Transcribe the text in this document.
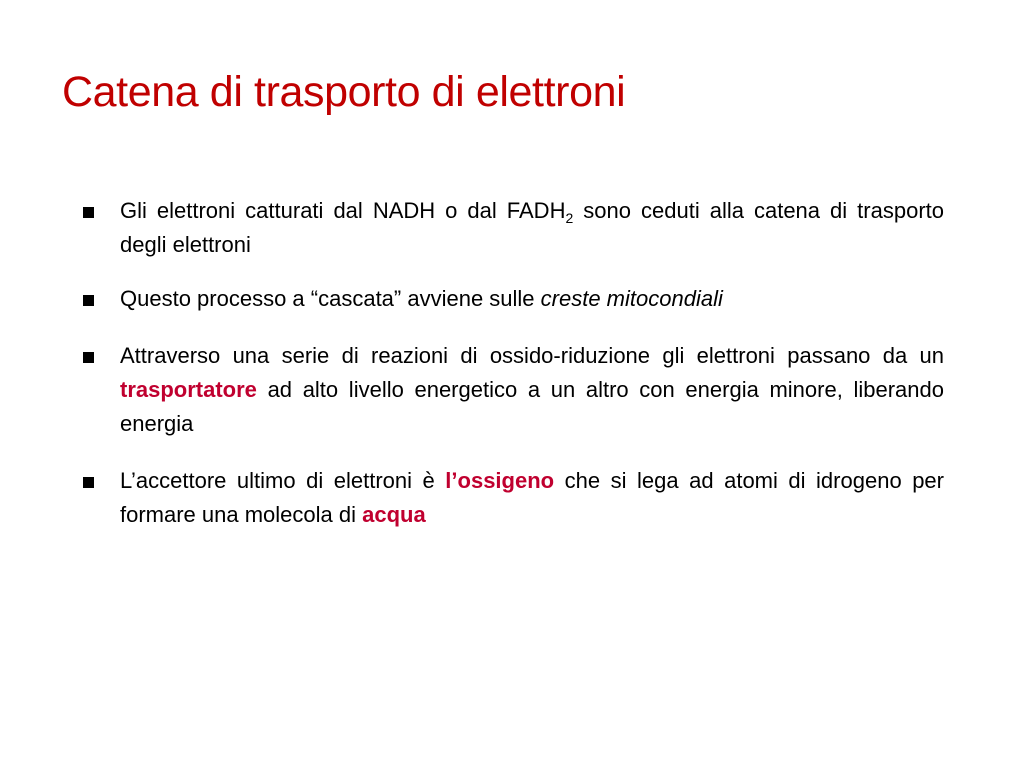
Catena di trasporto di elettroni
Gli elettroni catturati dal NADH o dal $FADH_2$ sono ceduti alla catena di trasporto degli elettroni
Questo processo a “cascata” avviene sulle creste mitocondiali
Attraverso una serie di reazioni di ossido-riduzione gli elettroni passano da un trasportatore ad alto livello energetico a un altro con energia minore, liberando energia
L’accettore ultimo di elettroni è l’ossigeno che si lega ad atomi di idrogeno per formare una molecola di acqua
